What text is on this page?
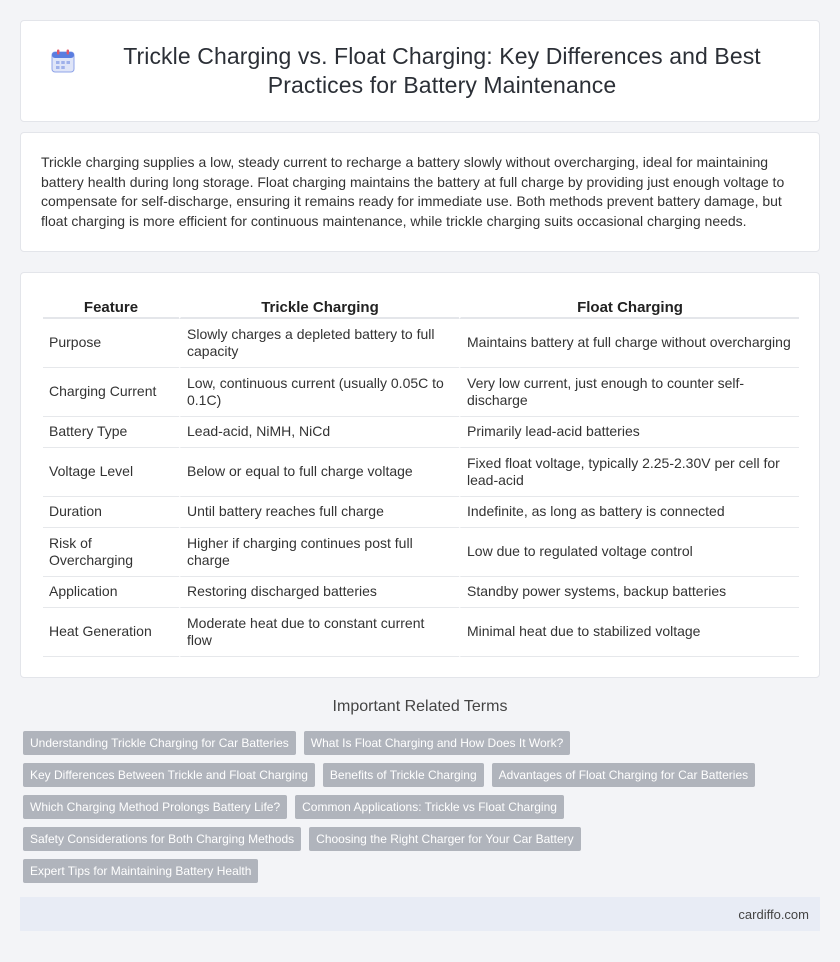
Trickle Charging vs. Float Charging: Key Differences and Best Practices for Battery Maintenance

Trickle charging supplies a low, steady current to recharge a battery slowly without overcharging, ideal for maintaining battery health during long storage. Float charging maintains the battery at full charge by providing just enough voltage to compensate for self-discharge, ensuring it remains ready for immediate use. Both methods prevent battery damage, but float charging is more efficient for continuous maintenance, while trickle charging suits occasional charging needs.

Feature	Trickle Charging	Float Charging
Purpose	Slowly charges a depleted battery to full capacity	Maintains battery at full charge without overcharging
Charging Current	Low, continuous current (usually 0.05C to 0.1C)	Very low current, just enough to counter self-discharge
Battery Type	Lead-acid, NiMH, NiCd	Primarily lead-acid batteries
Voltage Level	Below or equal to full charge voltage	Fixed float voltage, typically 2.25-2.30V per cell for lead-acid
Duration	Until battery reaches full charge	Indefinite, as long as battery is connected
Risk of Overcharging	Higher if charging continues post full charge	Low due to regulated voltage control
Application	Restoring discharged batteries	Standby power systems, backup batteries
Heat Generation	Moderate heat due to constant current flow	Minimal heat due to stabilized voltage
Important Related Terms
Understanding Trickle Charging for Car Batteries	What Is Float Charging and How Does It Work?
Key Differences Between Trickle and Float Charging	Benefits of Trickle Charging	Advantages of Float Charging for Car Batteries
Which Charging Method Prolongs Battery Life?	Common Applications: Trickle vs Float Charging
Safety Considerations for Both Charging Methods	Choosing the Right Charger for Your Car Battery
Expert Tips for Maintaining Battery Health
cardiffo.com
